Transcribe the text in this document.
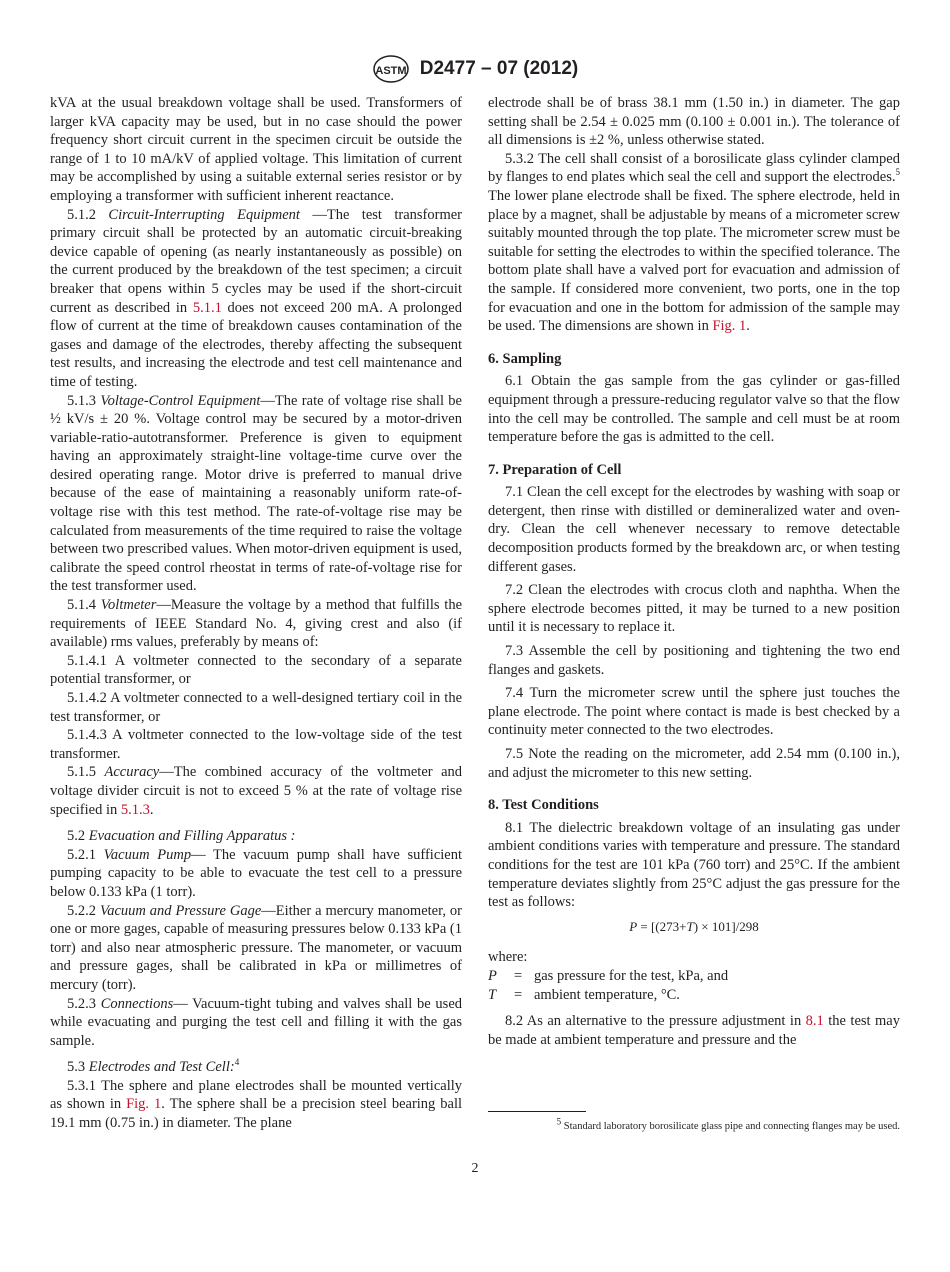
ASTM D2477 – 07 (2012)

kVA at the usual breakdown voltage shall be used. Transformers of larger kVA capacity may be used, but in no case should the power frequency short circuit current in the specimen circuit be outside the range of 1 to 10 mA/kV of applied voltage. This limitation of current may be accomplished by using a suitable external series resistor or by employing a transformer with sufficient inherent reactance.

5.1.2 Circuit-Interrupting Equipment —The test transformer primary circuit shall be protected by an automatic circuit-breaking device capable of opening (as nearly instantaneously as possible) on the current produced by the breakdown of the test specimen; a circuit breaker that opens within 5 cycles may be used if the short-circuit current as described in 5.1.1 does not exceed 200 mA. A prolonged flow of current at the time of breakdown causes contamination of the gases and damage of the electrodes, thereby affecting the subsequent test results, and increasing the electrode and test cell maintenance and time of testing.

5.1.3 Voltage-Control Equipment—The rate of voltage rise shall be ½ kV/s ± 20 %. Voltage control may be secured by a motor-driven variable-ratio-autotransformer. Preference is given to equipment having an approximately straight-line voltage-time curve over the desired operating range. Motor drive is preferred to manual drive because of the ease of maintaining a reasonably uniform rate-of-voltage rise with this test method. The rate-of-voltage rise may be calculated from measurements of the time required to raise the voltage between two prescribed values. When motor-driven equipment is used, calibrate the speed control rheostat in terms of rate-of-voltage rise for the test transformer used.

5.1.4 Voltmeter—Measure the voltage by a method that fulfills the requirements of IEEE Standard No. 4, giving crest and also (if available) rms values, preferably by means of:

5.1.4.1 A voltmeter connected to the secondary of a separate potential transformer, or

5.1.4.2 A voltmeter connected to a well-designed tertiary coil in the test transformer, or

5.1.4.3 A voltmeter connected to the low-voltage side of the test transformer.

5.1.5 Accuracy—The combined accuracy of the voltmeter and voltage divider circuit is not to exceed 5 % at the rate of voltage rise specified in 5.1.3.

5.2 Evacuation and Filling Apparatus :

5.2.1 Vacuum Pump— The vacuum pump shall have sufficient pumping capacity to be able to evacuate the test cell to a pressure below 0.133 kPa (1 torr).

5.2.2 Vacuum and Pressure Gage—Either a mercury manometer, or one or more gages, capable of measuring pressures below 0.133 kPa (1 torr) and also near atmospheric pressure. The manometer, or vacuum and pressure gages, shall be calibrated in kPa or millimetres of mercury (torr).

5.2.3 Connections— Vacuum-tight tubing and valves shall be used while evacuating and purging the test cell and filling it with the gas sample.

5.3 Electrodes and Test Cell:$^4$

5.3.1 The sphere and plane electrodes shall be mounted vertically as shown in Fig. 1. The sphere shall be a precision steel bearing ball 19.1 mm (0.75 in.) in diameter. The plane

electrode shall be of brass 38.1 mm (1.50 in.) in diameter. The gap setting shall be 2.54 ± 0.025 mm (0.100 ± 0.001 in.). The tolerance of all dimensions is ±2 %, unless otherwise stated.

5.3.2 The cell shall consist of a borosilicate glass cylinder clamped by flanges to end plates which seal the cell and support the electrodes.$^5$ The lower plane electrode shall be fixed. The sphere electrode, held in place by a magnet, shall be adjustable by means of a micrometer screw suitably mounted through the top plate. The micrometer screw must be suitable for setting the electrodes to within the specified tolerance. The bottom plate shall have a valved port for evacuation and admission of the sample. If considered more convenient, two ports, one in the top for evacuation and one in the bottom for admission of the sample may be used. The dimensions are shown in Fig. 1.

6. Sampling

6.1 Obtain the gas sample from the gas cylinder or gas-filled equipment through a pressure-reducing regulator valve so that the flow into the cell may be controlled. The sample and cell must be at room temperature before the gas is admitted to the cell.

7. Preparation of Cell

7.1 Clean the cell except for the electrodes by washing with soap or detergent, then rinse with distilled or demineralized water and oven-dry. Clean the cell whenever necessary to remove detectable decomposition products formed by the breakdown arc, or when testing different gases.

7.2 Clean the electrodes with crocus cloth and naphtha. When the sphere electrode becomes pitted, it may be turned to a new position until it is necessary to replace it.

7.3 Assemble the cell by positioning and tightening the two end flanges and gaskets.

7.4 Turn the micrometer screw until the sphere just touches the plane electrode. The point where contact is made is best checked by a continuity meter connected to the two electrodes.

7.5 Note the reading on the micrometer, add 2.54 mm (0.100 in.), and adjust the micrometer to this new setting.

8. Test Conditions

8.1 The dielectric breakdown voltage of an insulating gas under ambient conditions varies with temperature and pressure. The standard conditions for the test are 101 kPa (760 torr) and 25°C. If the ambient temperature deviates slightly from 25°C adjust the gas pressure for the test as follows:

P = [(273+T) × 101]/298

where:

P	= gas pressure for the test, kPa, and

T	= ambient temperature, °C.

8.2 As an alternative to the pressure adjustment in 8.1 the test may be made at ambient temperature and pressure and the

$^5$ Standard laboratory borosilicate glass pipe and connecting flanges may be used.
2
